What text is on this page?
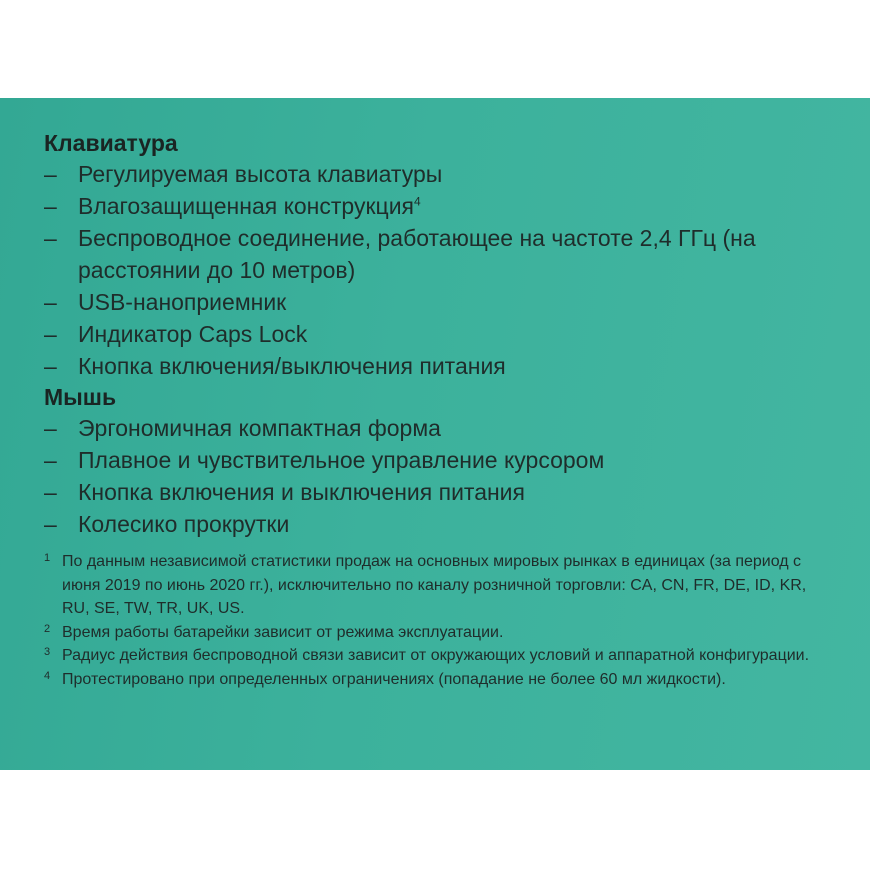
Клавиатура
– Регулируемая высота клавиатуры
– Влагозащищенная конструкция$^4$
– Беспроводное соединение, работающее на частоте 2,4 ГГц (на расстоянии до 10 метров)
– USB-наноприемник
– Индикатор Caps Lock
– Кнопка включения/выключения питания
Мышь
– Эргономичная компактная форма
– Плавное и чувствительное управление курсором
– Кнопка включения и выключения питания
– Колесико прокрутки
1 По данным независимой статистики продаж на основных мировых рынках в единицах (за период с июня 2019 по июнь 2020 гг.), исключительно по каналу розничной торговли: CA, CN, FR, DE, ID, KR, RU, SE, TW, TR, UK, US.
2 Время работы батарейки зависит от режима эксплуатации.
3 Радиус действия беспроводной связи зависит от окружающих условий и аппаратной конфигурации.
4 Протестировано при определенных ограничениях (попадание не более 60 мл жидкости).
